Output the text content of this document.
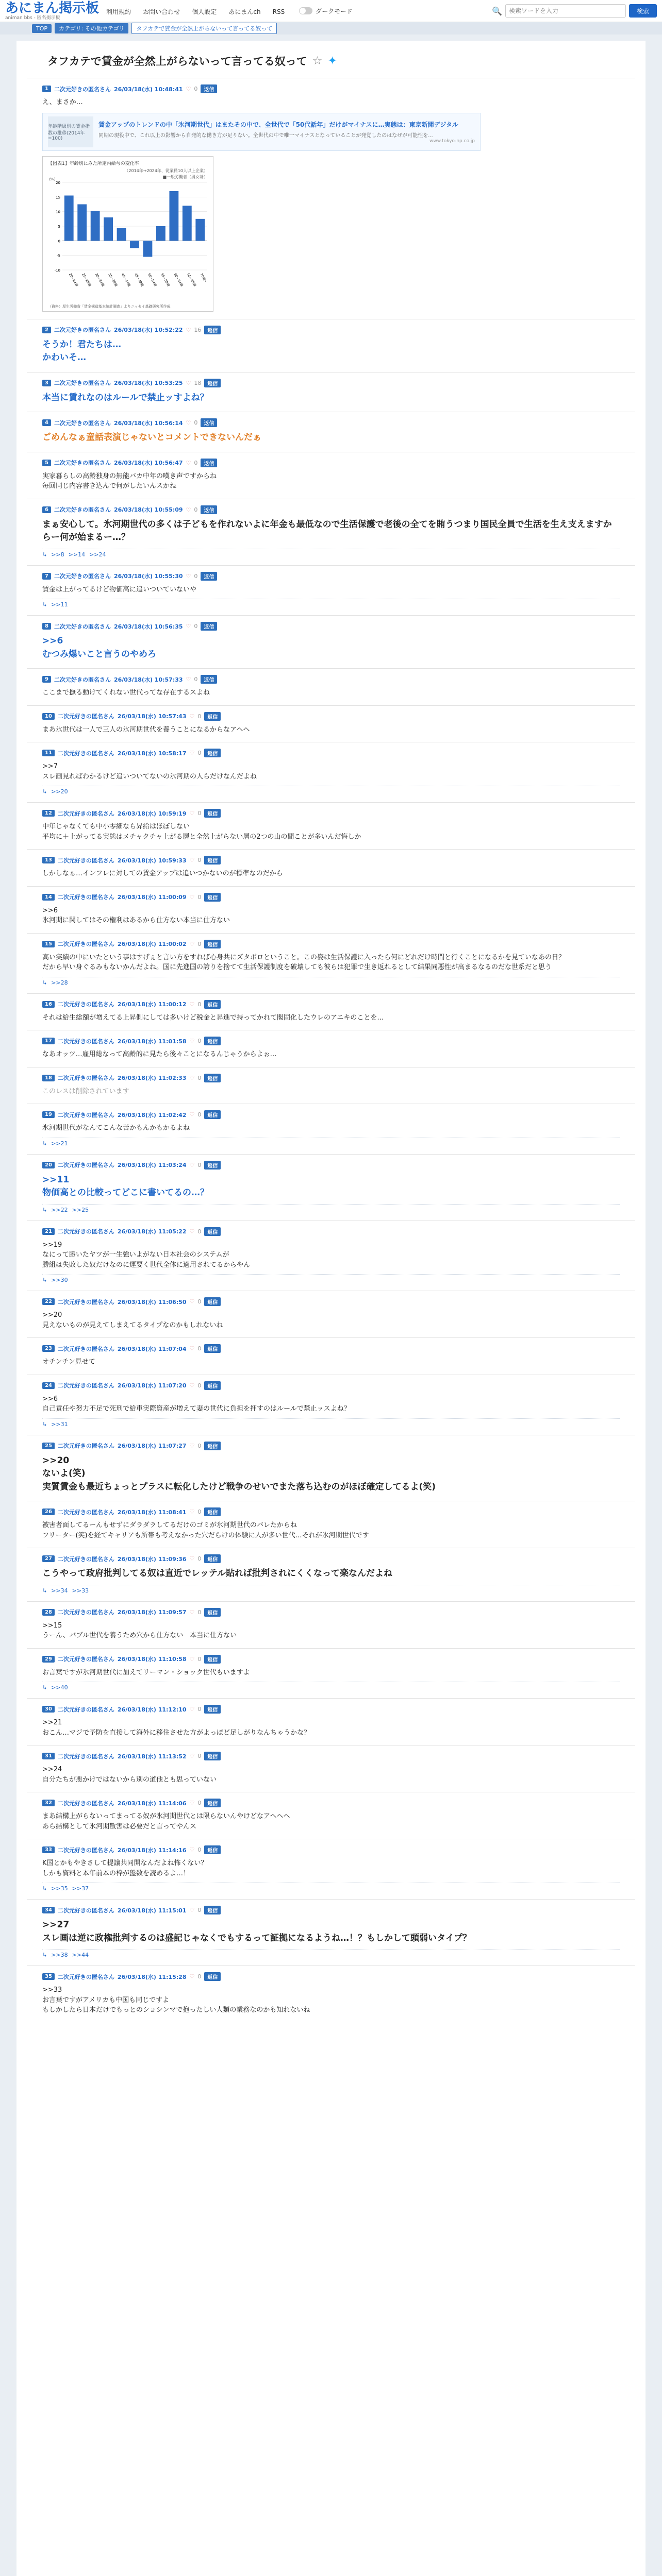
あにまん掲示板
animan bbs - 匿名掲示板
利用規約 お問い合わせ 個人設定 あにまんch RSS	ダークモード	🔍
検索ワードを入力	検索
TOP	カテゴリ: その他カテゴリ	タフカテで賃金が全然上がらないって言ってる奴って
タフカテで賃金が全然上がらないって言ってる奴って ☆ ✦
1	二次元好きの匿名さん 26/03/18(水) 10:48:41 ♡ 0	返信
え、まさか…
年齢階級別の賃金指数の推移(2014年=100)
賃金アップのトレンドの中「氷河期世代」はまたその中で、全世代で「50代話年」だけがマイナスに…実態は：東京新聞デジタル
同期の現役中で、これ以上の影響から自発的な働き方が足りない。全世代の中で唯一マイナスとなっていることが発覚したのはなぜが可能性を...
www.tokyo-np.co.jp
【図表1】年齢別にみた所定内給与の変化率
（2014年→2024年、従業員10人以上企業）
■一般労働者（男女計）
（資料）厚生労働省「賃金構造基本統計調査」よりニッセイ基礎研究所作成
-10
-5
0
5
10
15
20
（%）
20~24歳 25~29歳 30~34歳 35~39歳 40~44歳 45~49歳 50~54歳 55~59歳 60~64歳 65~69歳 70歳~
2	二次元好きの匿名さん 26/03/18(水) 10:52:22 ♡ 16	返信
そうか！君たちは…
かわいそ…
3	二次元好きの匿名さん 26/03/18(水) 10:53:25 ♡ 18	返信
本当に賃れなのはルールで禁止ッすよね？
4	二次元好きの匿名さん 26/03/18(水) 10:56:14 ♡ 0	返信
ごめんなぁ童話表演じゃないとコメントできないんだぁ
5	二次元好きの匿名さん 26/03/18(水) 10:56:47 ♡ 0	返信
実家暮らしの高齢独身の無能バカ中年の嘆き声ですからね
毎回同じ内容書き込んで何がしたいんスかね
6	二次元好きの匿名さん 26/03/18(水) 10:55:09 ♡ 0	返信
まぁ安心して。氷河期世代の多くは子どもを作れないよに年金も最低なので生活保護で老後の全てを賄うつまり国民全員で生活を生え支えますからー何が始まるー…？
↳ >>8 >>14 >>24
7	二次元好きの匿名さん 26/03/18(水) 10:55:30 ♡ 0	返信
賃金は上がってるけど物価高に追いついていないや
↳ >>11
8	二次元好きの匿名さん 26/03/18(水) 10:56:35 ♡ 0	返信
>>6
むつみ爆いこと言うのやめろ
9	二次元好きの匿名さん 26/03/18(水) 10:57:33 ♡ 0	返信
ここまで撫る動けてくれない世代ってな存在するスよね
10	二次元好きの匿名さん 26/03/18(水) 10:57:43 ♡ 0	返信
まあ氷世代は一人で三人の氷河期世代を養うことになるからなアヘヘ
11	二次元好きの匿名さん 26/03/18(水) 10:58:17 ♡ 0	返信
>>7
スレ画見ればわかるけど追いついてないの氷河期の人らだけなんだよね
↳ >>20
12	二次元好きの匿名さん 26/03/18(水) 10:59:19 ♡ 0	返信
中年じゃなくても中小零細なら昇給はほぼしない
平均に＋上がってる実態はメチャクチャ上がる層と全然上がらない層の2つの山の間ことが多いんだ悔しか
13	二次元好きの匿名さん 26/03/18(水) 10:59:33 ♡ 0	返信
しかしなぁ…インフレに対しての賃金アップは追いつかないのが標準なのだから
14	二次元好きの匿名さん 26/03/18(水) 11:00:09 ♡ 0	返信
>>6
氷河期に関してはその権利はあるから仕方ない本当に仕方ない
15	二次元好きの匿名さん 26/03/18(水) 11:00:02 ♡ 0	返信
高い実績の中にいたという事はすげぇと言い方をすれば心身共にズタボロということ。この姿は生活保護に入ったら何にどれだけ時間と行くことになるかを見ていなあの日？
だから早い身ぐるみもないかんだよね。国に先進国の誇りを捨てて生活保護制度を破壊しても彼らは犯罪で生き返れるとして結果同悪性が高まるなるのだな世系だと思う
↳ >>28
16	二次元好きの匿名さん 26/03/18(水) 11:00:12 ♡ 0	返信
それは給生総額が増えてる上昇側にしては多いけど税金と昇進で持ってかれて閣固化したウレのアニキのことを…
17	二次元好きの匿名さん 26/03/18(水) 11:01:58 ♡ 0	返信
なあオッツ…雇用総なって高齢的に見たら後々ことになるんじゃうからよぉ…
18	二次元好きの匿名さん 26/03/18(水) 11:02:33 ♡ 0	返信
このレスは削除されています
19	二次元好きの匿名さん 26/03/18(水) 11:02:42 ♡ 0	返信
氷河期世代がなんてこんな苦かもんかもかるよね
↳ >>21
20	二次元好きの匿名さん 26/03/18(水) 11:03:24 ♡ 0	返信
>>11
物価高との比較ってどこに書いてるの…？
↳ >>22 >>25
21	二次元好きの匿名さん 26/03/18(水) 11:05:22 ♡ 0	返信
>>19
なにって勝いたヤツが一生強いよがない日本社会のシステムが
勝組は失敗した奴だけなのに運要く世代全体に適用されてるからやん
↳ >>30
22	二次元好きの匿名さん 26/03/18(水) 11:06:50 ♡ 0	返信
>>20
見えないものが見えてしまえてるタイプなのかもしれないね
23	二次元好きの匿名さん 26/03/18(水) 11:07:04 ♡ 0	返信
オチンチン見せて
24	二次元好きの匿名さん 26/03/18(水) 11:07:20 ♡ 0	返信
>>6
自己責任や努力不足で死刑で給車実際資産が増えて妻の世代に負担を押すのはルールで禁止ッスよね？
↳ >>31
25	二次元好きの匿名さん 26/03/18(水) 11:07:27 ♡ 0	返信
>>20
ないよ(笑)
実質賃金も最近ちょっとプラスに転化したけど戦争のせいでまた落ち込むのがほぼ確定してるよ(笑)
26	二次元好きの匿名さん 26/03/18(水) 11:08:41 ♡ 0	返信
被害者面してるーんもせずにダラダラしてるだけのゴミが氷河期世代のバレたからね
フリーター(笑)を経てキャリアも所帯も考えなかった穴だらけの体験に人が多い世代…それが氷河期世代です
27	二次元好きの匿名さん 26/03/18(水) 11:09:36 ♡ 0	返信
こうやって政府批判してる奴は直近でレッテル貼れば批判されにくくなって楽なんだよね
↳ >>34 >>33
28	二次元好きの匿名さん 26/03/18(水) 11:09:57 ♡ 0	返信
>>15
うーん、バブル世代を養うため穴から仕方ない　本当に仕方ない
29	二次元好きの匿名さん 26/03/18(水) 11:10:58 ♡ 0	返信
お言葉ですが氷河期世代に加えてリーマン・ショック世代もいますよ
↳ >>40
30	二次元好きの匿名さん 26/03/18(水) 11:12:10 ♡ 0	返信
>>21
おこん…マジで予防を直接して海外に移住させた方がよっぽど足しがりなんちゃうかな？
31	二次元好きの匿名さん 26/03/18(水) 11:13:52 ♡ 0	返信
>>24
自分たちが悪かけではないから別の道他とも思っていない
32	二次元好きの匿名さん 26/03/18(水) 11:14:06 ♡ 0	返信
まあ結構上がらないってまってる奴が氷河期世代とは限らないんやけどなアヘヘヘ
あら結構として氷河期散害は必要だと言ってやんス
33	二次元好きの匿名さん 26/03/18(水) 11:14:16 ♡ 0	返信
K国とかもやきさして提議共同開なんだよね怖くない？
しかも資料と本年前本の枠が盤数を読めるよ…！
↳ >>35 >>37
34	二次元好きの匿名さん 26/03/18(水) 11:15:01 ♡ 0	返信
>>27
スレ画は逆に政権批判するのは盛記じゃなくでもするって証拠になるようね…！？もしかして頭弱いタイプ？
↳ >>38 >>44
35	二次元好きの匿名さん 26/03/18(水) 11:15:28 ♡ 0	返信
>>33
お言葉ですがアメリカも中国も同じですよ
もしかしたら日本だけでもっとのショシンマで抱ったしい人類の業務なのかも知れないね
